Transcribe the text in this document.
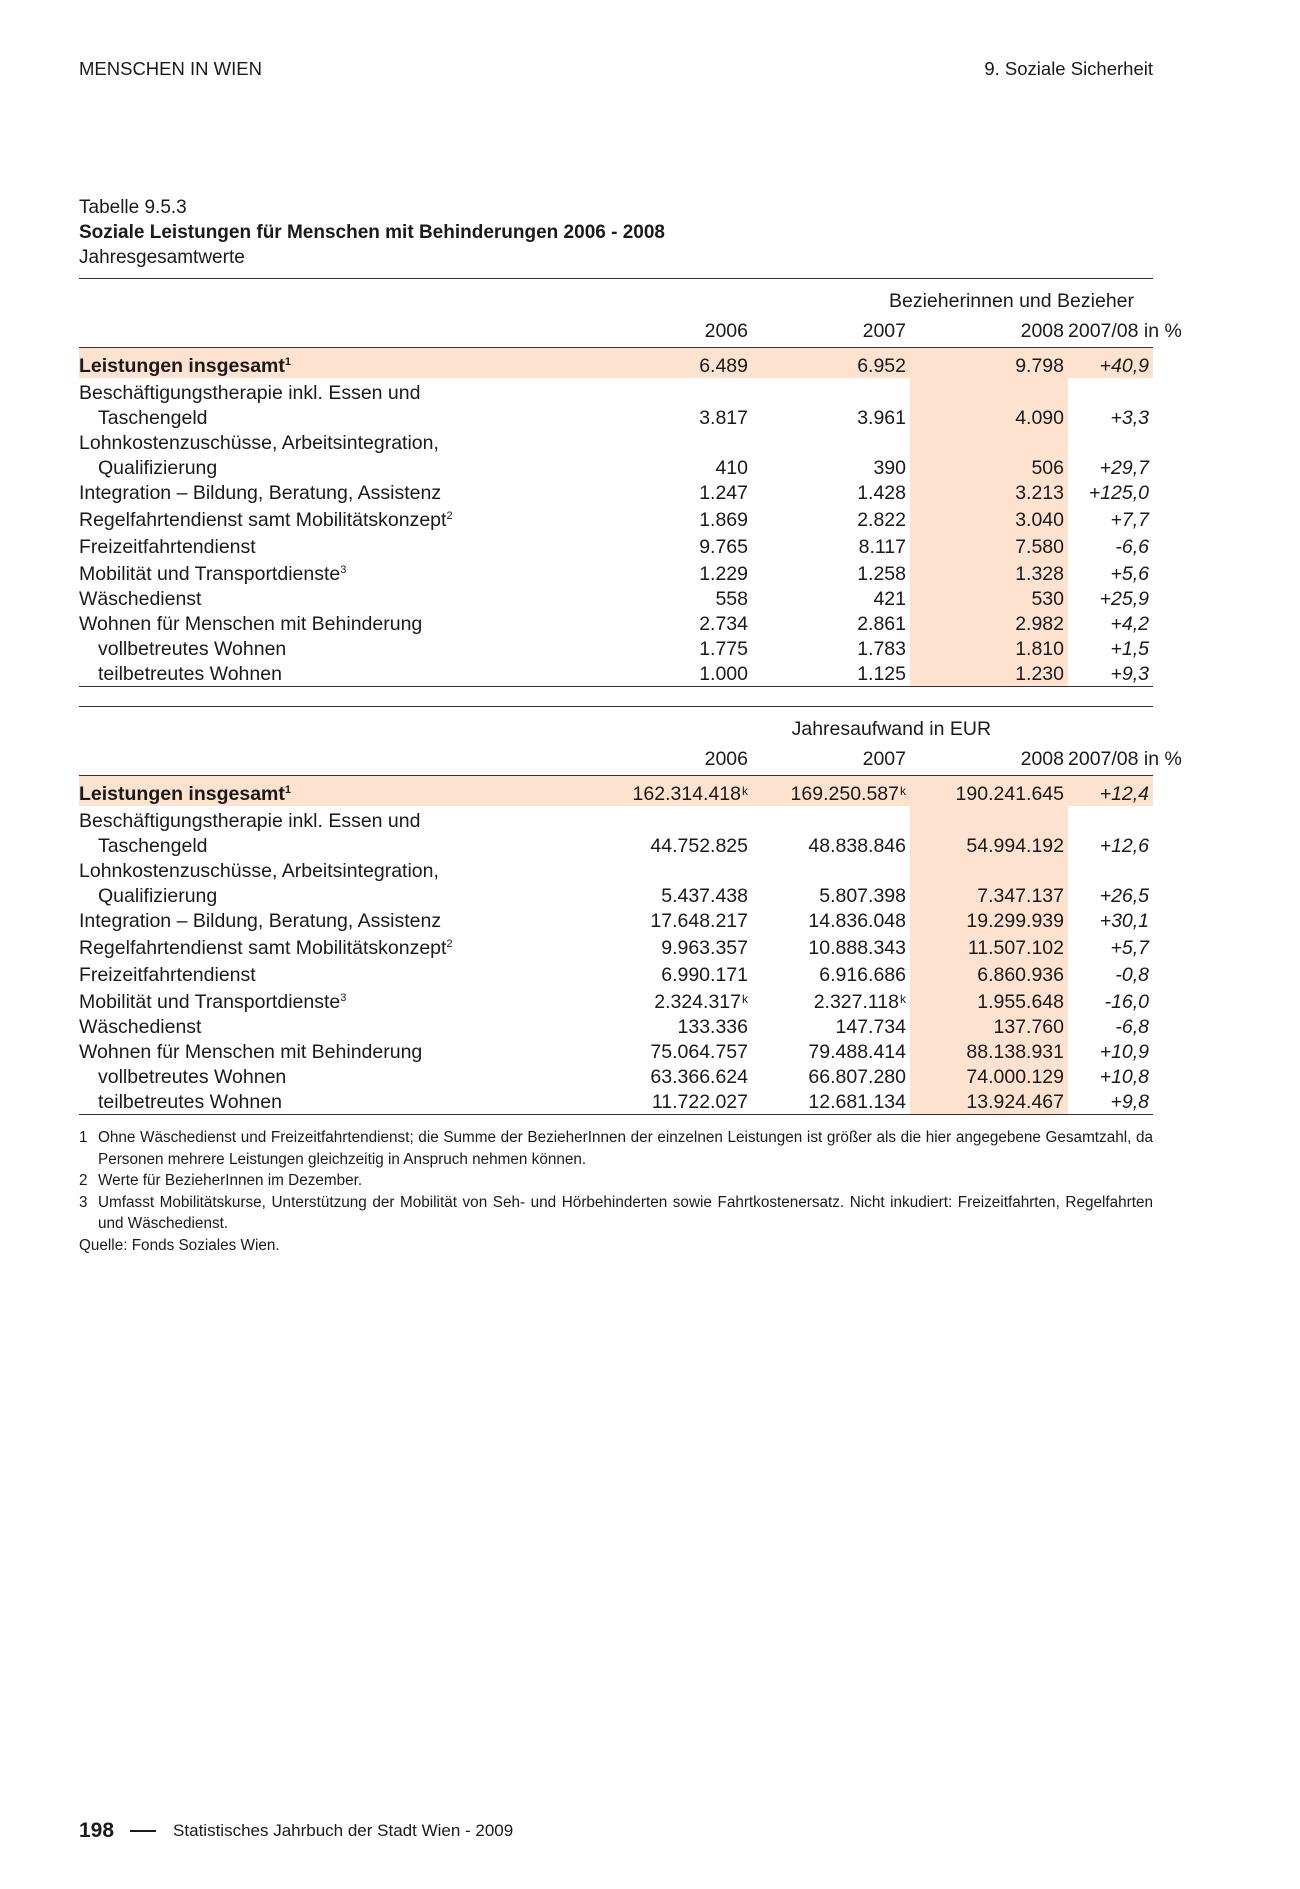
MENSCHEN IN WIEN	9. Soziale Sicherheit
Tabelle 9.5.3
Soziale Leistungen für Menschen mit Behinderungen 2006 - 2008
Jahresgesamtwerte
		Bezieherinnen und Bezieher		
	2006	2007	2008	2007/08 in %
Leistungen insgesamt$^1$	6.489	6.952	9.798	+40,9
Beschäftigungstherapie inkl. Essen und				
Taschengeld	3.817	3.961	4.090	+3,3
Lohnkostenzuschüsse, Arbeitsintegration,				
Qualifizierung	410	390	506	+29,7
Integration – Bildung, Beratung, Assistenz	1.247	1.428	3.213	+125,0
Regelfahrtendienst samt Mobilitätskonzept$^2$	1.869	2.822	3.040	+7,7
Freizeitfahrtendienst	9.765	8.117	7.580	-6,6
Mobilität und Transportdienste$^3$	1.229	1.258	1.328	+5,6
Wäschedienst	558	421	530	+25,9
Wohnen für Menschen mit Behinderung	2.734	2.861	2.982	+4,2
vollbetreutes Wohnen	1.775	1.783	1.810	+1,5
teilbetreutes Wohnen	1.000	1.125	1.230	+9,3
		Jahresaufwand in EUR		
	2006	2007	2008	2007/08 in %
Leistungen insgesamt$^1$	162.314.418$^k$	169.250.587$^k$	190.241.645	+12,4
Beschäftigungstherapie inkl. Essen und				
Taschengeld	44.752.825	48.838.846	54.994.192	+12,6
Lohnkostenzuschüsse, Arbeitsintegration,				
Qualifizierung	5.437.438	5.807.398	7.347.137	+26,5
Integration – Bildung, Beratung, Assistenz	17.648.217	14.836.048	19.299.939	+30,1
Regelfahrtendienst samt Mobilitätskonzept$^2$	9.963.357	10.888.343	11.507.102	+5,7
Freizeitfahrtendienst	6.990.171	6.916.686	6.860.936	-0,8
Mobilität und Transportdienste$^3$	2.324.317$^k$	2.327.118$^k$	1.955.648	-16,0
Wäschedienst	133.336	147.734	137.760	-6,8
Wohnen für Menschen mit Behinderung	75.064.757	79.488.414	88.138.931	+10,9
vollbetreutes Wohnen	63.366.624	66.807.280	74.000.129	+10,8
teilbetreutes Wohnen	11.722.027	12.681.134	13.924.467	+9,8
1 Ohne Wäschedienst und Freizeitfahrtendienst; die Summe der BezieherInnen der einzelnen Leistungen ist größer als die hier angegebene Gesamtzahl, da Personen mehrere Leistungen gleichzeitig in Anspruch nehmen können.
2 Werte für BezieherInnen im Dezember.
3 Umfasst Mobilitätskurse, Unterstützung der Mobilität von Seh- und Hörbehinderten sowie Fahrtkostenersatz. Nicht inkudiert: Freizeitfahrten, Regelfahrten und Wäschedienst.
Quelle: Fonds Soziales Wien.
198	Statistisches Jahrbuch der Stadt Wien - 2009
